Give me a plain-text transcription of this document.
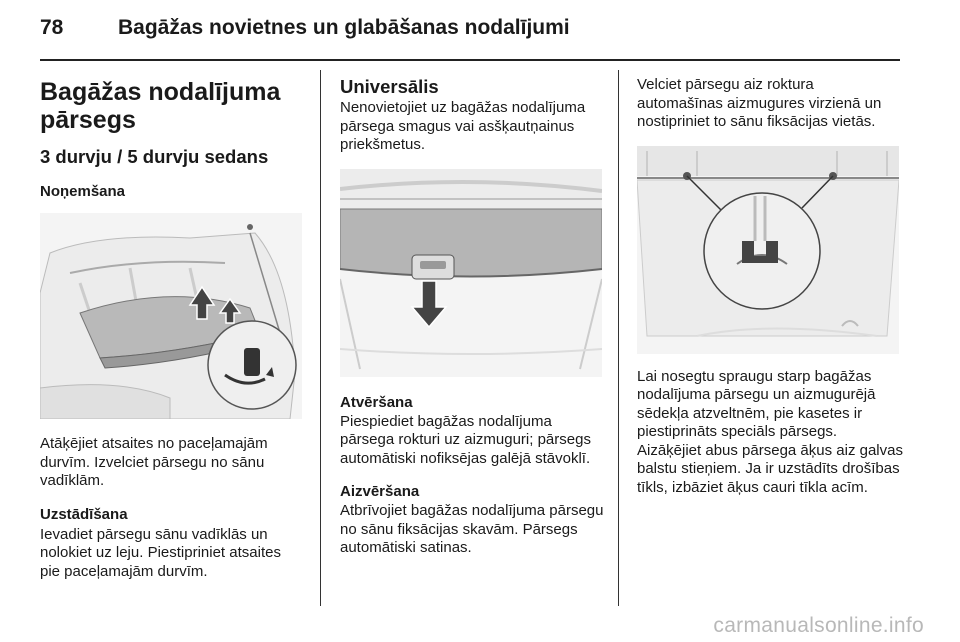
78	Bagāžas novietnes un glabāšanas nodalījumi
Bagāžas nodalījuma
pārsegs
3 durvju / 5 durvju sedans
Noņemšana

Atāķējiet atsaites no paceļamajām durvīm. Izvelciet pārsegu no sānu vadīklām.

Uzstādīšana

Ievadiet pārsegu sānu vadīklās un nolokiet uz leju. Piestipriniet atsaites pie paceļamajām durvīm.

Universālis

Nenovietojiet uz bagāžas nodalījuma pārsega smagus vai asšķautņainus priekšmetus.

Atvēršana

Piespiediet bagāžas nodalījuma pārsega rokturi uz aizmuguri; pārsegs automātiski nofiksējas galējā stāvoklī.

Aizvēršana

Atbrīvojiet bagāžas nodalījuma pārsegu no sānu fiksācijas skavām. Pārsegs automātiski satinas.

Velciet pārsegu aiz roktura automašīnas aizmugures virzienā un nostipriniet to sānu fiksācijas vietās.

Lai nosegtu spraugu starp bagāžas nodalījuma pārsegu un aizmugurējā sēdekļa atzveltnēm, pie kasetes ir piestiprināts speciāls pārsegs.

Aizāķējiet abus pārsega āķus aiz galvas balstu stieņiem. Ja ir uzstādīts drošības tīkls, izbāziet āķus cauri tīkla acīm.

carmanualsonline.info
